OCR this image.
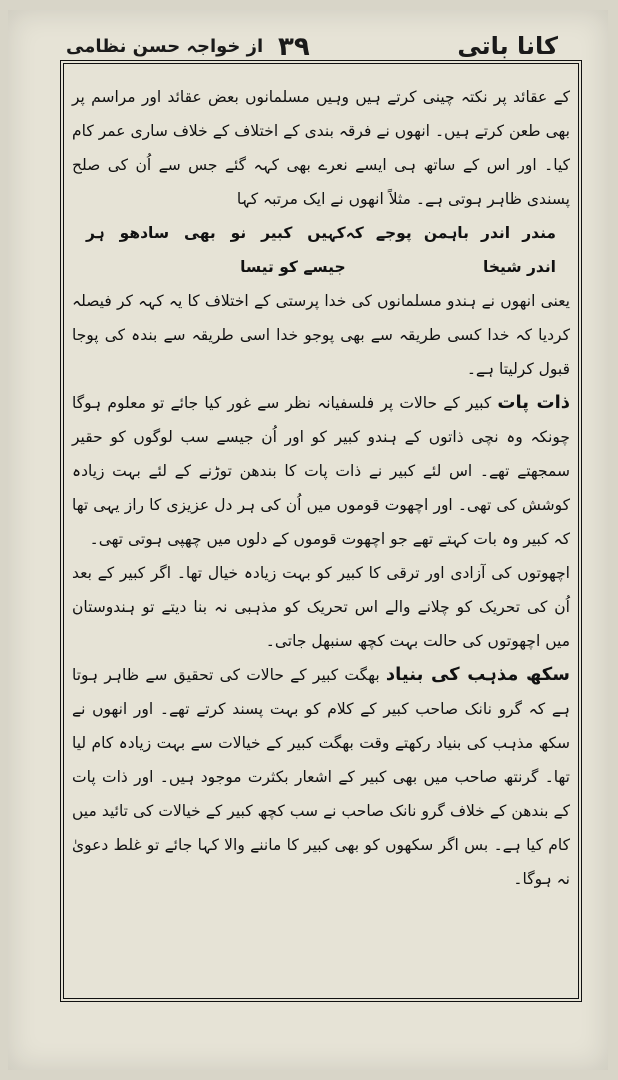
کانا باتی
۳۹
از خواجہ حسن نظامی

کے عقائد پر نکتہ چینی کرتے ہیں وہیں مسلمانوں بعض عقائد اور مراسم پر بھی طعن کرتے ہیں۔ انھوں نے فرقہ بندی کے اختلاف کے خلاف ساری عمر کام کیا۔ اور اس کے ساتھ ہی ایسے نعرے بھی کہہ گئے جس سے اُن کی صلح پسندی ظاہر ہوتی ہے۔ مثلاً انھوں نے ایک مرتبہ کہا

مندر اندر باہمن پوجے کہ اندر شیخا
کہیں کبیر نو بھی سادھو ہر جیسے کو تیسا

یعنی انھوں نے ہندو مسلمانوں کی خدا پرستی کے اختلاف کا یہ کہہ کر فیصلہ کردیا کہ خدا کسی طریقہ سے بھی پوجو خدا اسی طریقہ سے بندہ کی پوجا قبول کرلیتا ہے۔

ذات پات کبیر کے حالات پر فلسفیانہ نظر سے غور کیا جائے تو معلوم ہوگا چونکہ وہ نچی ذاتوں کے ہندو کبیر کو اور اُن جیسے سب لوگوں کو حقیر سمجھتے تھے۔ اس لئے کبیر نے ذات پات کا بندھن توڑنے کے لئے بہت زیادہ کوشش کی تھی۔ اور اچھوت قوموں میں اُن کی ہر دل عزیزی کا راز یہی تھا کہ کبیر وہ بات کہتے تھے جو اچھوت قوموں کے دلوں میں چھپی ہوتی تھی۔

اچھوتوں کی آزادی اور ترقی کا کبیر کو بہت زیادہ خیال تھا۔ اگر کبیر کے بعد اُن کی تحریک کو چلانے والے اس تحریک کو مذہبی نہ بنا دیتے تو ہندوستان میں اچھوتوں کی حالت بہت کچھ سنبھل جاتی۔

سکھ مذہب کی بنیاد بھگت کبیر کے حالات کی تحقیق سے ظاہر ہوتا ہے کہ گرو نانک صاحب کبیر کے کلام کو بہت پسند کرتے تھے۔ اور انھوں نے سکھ مذہب کی بنیاد رکھتے وقت بھگت کبیر کے خیالات سے بہت زیادہ کام لیا تھا۔ گرنتھ صاحب میں بھی کبیر کے اشعار بکثرت موجود ہیں۔ اور ذات پات کے بندھن کے خلاف گرو نانک صاحب نے سب کچھ کبیر کے خیالات کی تائید میں کام کیا ہے۔ بس اگر سکھوں کو بھی کبیر کا ماننے والا کہا جائے تو غلط دعویٰ نہ ہوگا۔
